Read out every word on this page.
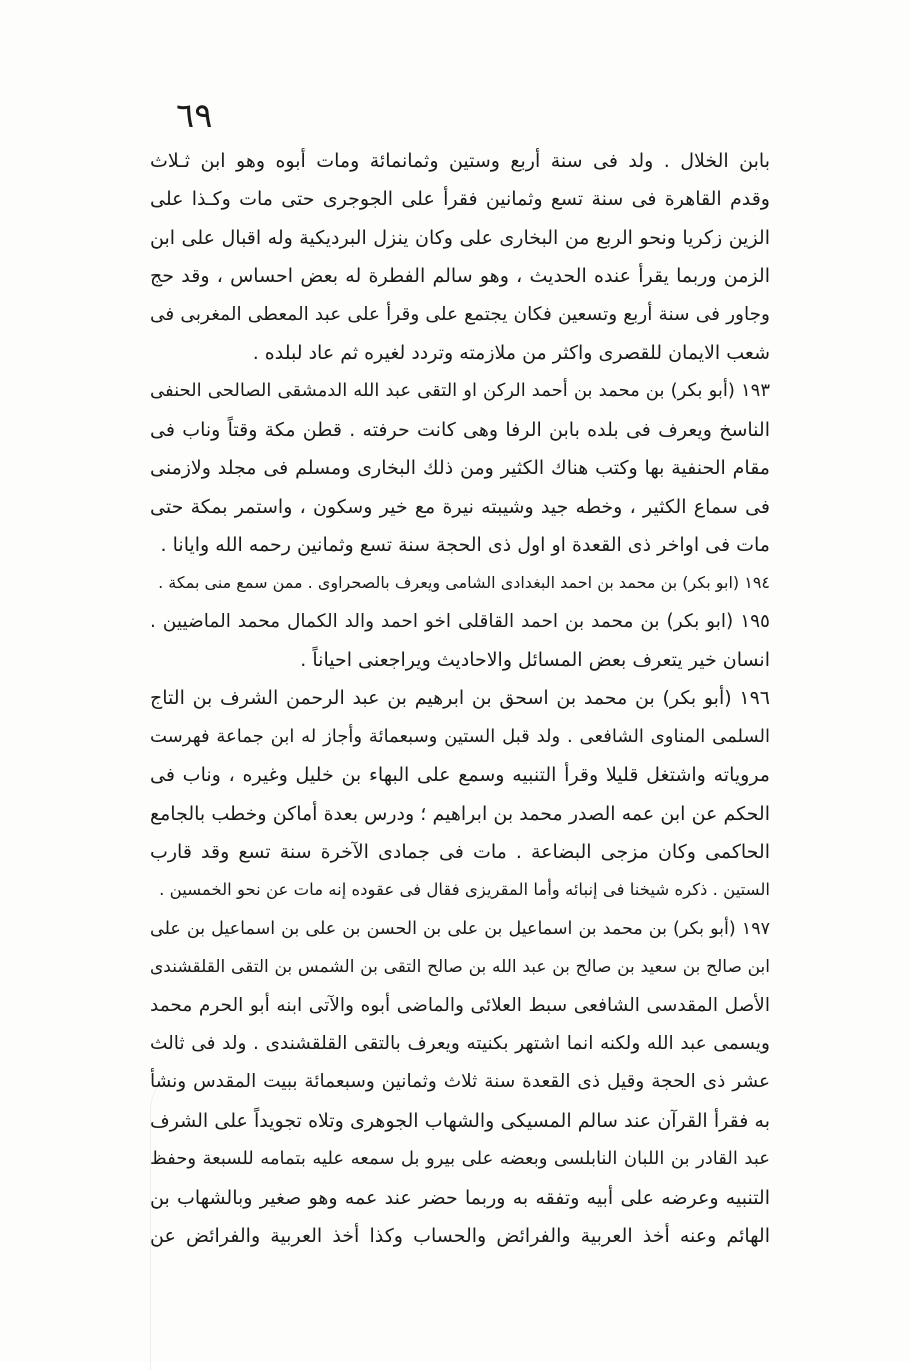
٦٩
بابن الخلال . ولد فى سنة أربع وستين وثمانمائة ومات أبوه وهو ابن ثـلاث
وقدم القاهرة فى سنة تسع وثمانين فقرأ على الجوجرى حتى مات وكـذا على
الزين زكريا ونحو الربع من البخارى على وكان ينزل البرديكية وله اقبال على ابن
الزمن وربما يقرأ عنده الحديث ، وهو سالم الفطرة له بعض احساس ، وقد حج
وجاور فى سنة أربع وتسعين فكان يجتمع على وقرأ على عبد المعطى المغربى فى
شعب الايمان للقصرى واكثر من ملازمته وتردد لغيره ثم عاد لبلده .
١٩٣ (أبو بكر) بن محمد بن أحمد الركن او التقى عبد الله الدمشقى الصالحى الحنفى
الناسخ ويعرف فى بلده بابن الرفا وهى كانت حرفته . قطن مكة وقتاً وناب فى
مقام الحنفية بها وكتب هناك الكثير ومن ذلك البخارى ومسلم فى مجلد ولازمنى
فى سماع الكثير ، وخطه جيد وشيبته نيرة مع خير وسكون ، واستمر بمكة حتى
مات فى اواخر ذى القعدة او اول ذى الحجة سنة تسع وثمانين رحمه الله وايانا .
١٩٤ (ابو بكر) بن محمد بن احمد البغدادى الشامى ويعرف بالصحراوى . ممن سمع منى بمكة .
١٩٥ (ابو بكر) بن محمد بن احمد القاقلى اخو احمد والد الكمال محمد الماضيين .
انسان خير يتعرف بعض المسائل والاحاديث ويراجعنى احياناً .
١٩٦ (أبو بكر) بن محمد بن اسحق بن ابرهيم بن عبد الرحمن الشرف بن التاج
السلمى المناوى الشافعى . ولد قبل الستين وسبعمائة وأجاز له ابن جماعة فهرست
مروياته واشتغل قليلا وقرأ التنبيه وسمع على البهاء بن خليل وغيره ، وناب فى
الحكم عن ابن عمه الصدر محمد بن ابراهيم ؛ ودرس بعدة أماكن وخطب بالجامع
الحاكمى وكان مزجى البضاعة . مات فى جمادى الآخرة سنة تسع وقد قارب
الستين . ذكره شيخنا فى إنبائه وأما المقريزى فقال فى عقوده إنه مات عن نحو الخمسين .
١٩٧ (أبو بكر) بن محمد بن اسماعيل بن على بن الحسن بن على بن اسماعيل بن على
ابن صالح بن سعيد بن صالح بن عبد الله بن صالح التقى بن الشمس بن التقى القلقشندى
الأصل المقدسى الشافعى سبط العلائى والماضى أبوه والآتى ابنه أبو الحرم محمد
ويسمى عبد الله ولكنه انما اشتهر بكنيته ويعرف بالتقى القلقشندى . ولد فى ثالث
عشر ذى الحجة وقيل ذى القعدة سنة ثلاث وثمانين وسبعمائة ببيت المقدس ونشأ
به فقرأ القرآن عند سالم المسيكى والشهاب الجوهرى وتلاه تجويداً على الشرف
عبد القادر بن اللبان النابلسى وبعضه على بيرو بل سمعه عليه بتمامه للسبعة وحفظ
التنبيه وعرضه على أبيه وتفقه به وربما حضر عند عمه وهو صغير وبالشهاب بن
الهائم وعنه أخذ العربية والفرائض والحساب وكذا أخذ العربية والفرائض عن
